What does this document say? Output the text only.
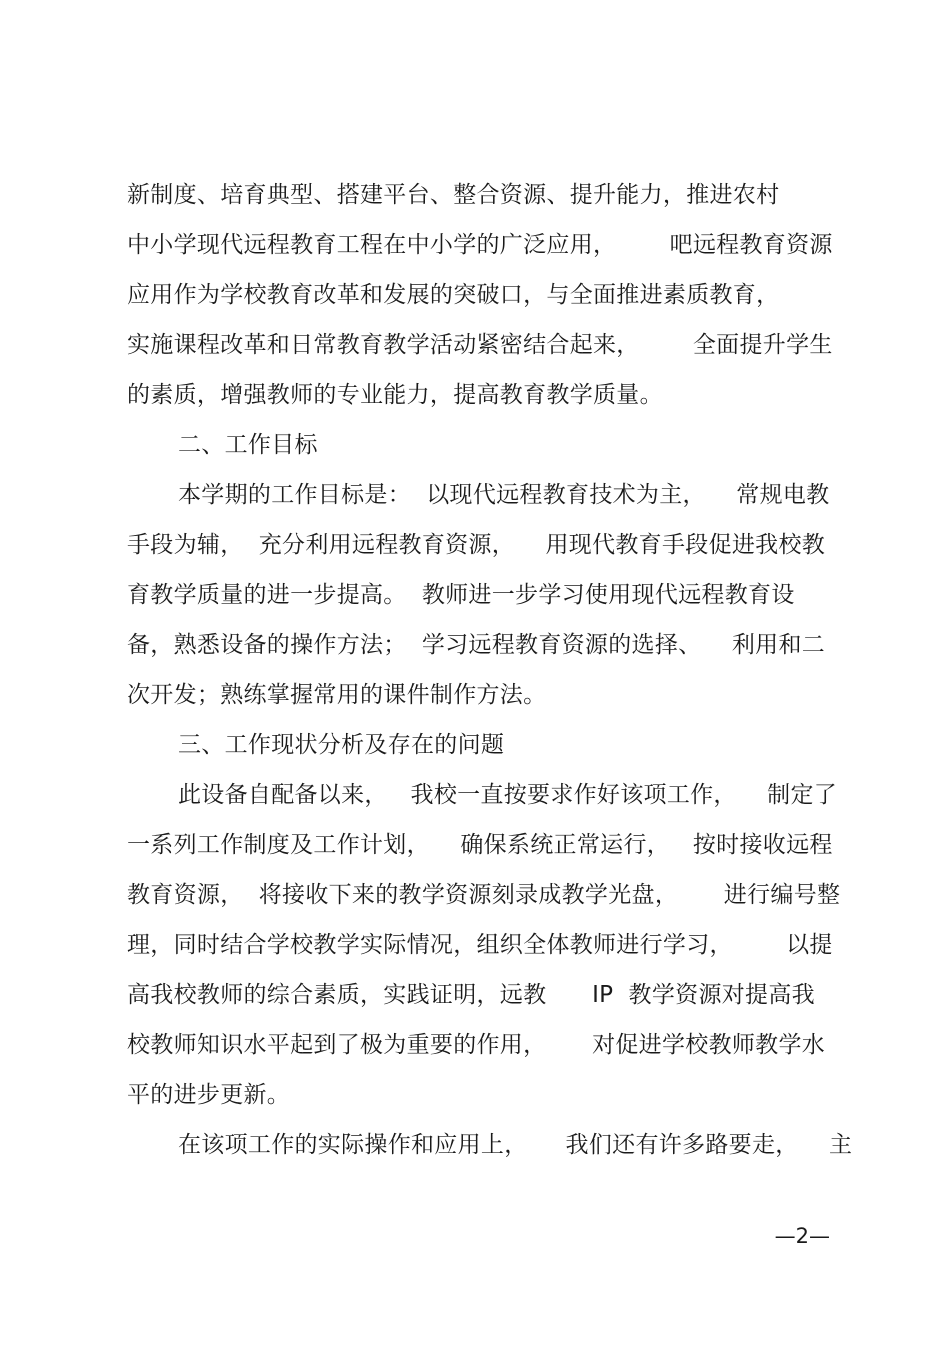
新制度、培育典型、搭建平台、整合资源、提升能力，推进农村
中小学现代远程教育工程在中小学的广泛应用，       吧远程教育资源
应用作为学校教育改革和发展的突破口，与全面推进素质教育，
实施课程改革和日常教育教学活动紧密结合起来，       全面提升学生
的素质，增强教师的专业能力，提高教育教学质量。
二、工作目标
本学期的工作目标是：  以现代远程教育技术为主，    常规电教
手段为辅，  充分利用远程教育资源，    用现代教育手段促进我校教
育教学质量的进一步提高。  教师进一步学习使用现代远程教育设
备，熟悉设备的操作方法；  学习远程教育资源的选择、    利用和二
次开发；熟练掌握常用的课件制作方法。
三、工作现状分析及存在的问题
此设备自配备以来，   我校一直按要求作好该项工作，    制定了
一系列工作制度及工作计划，    确保系统正常运行，   按时接收远程
教育资源，  将接收下来的教学资源刻录成教学光盘，      进行编号整
理，同时结合学校教学实际情况，组织全体教师进行学习，       以提
高我校教师的综合素质，实践证明，远教      IP  教学资源对提高我
校教师知识水平起到了极为重要的作用，      对促进学校教师教学水
平的进步更新。
在该项工作的实际操作和应用上，     我们还有许多路要走，    主
—2—
